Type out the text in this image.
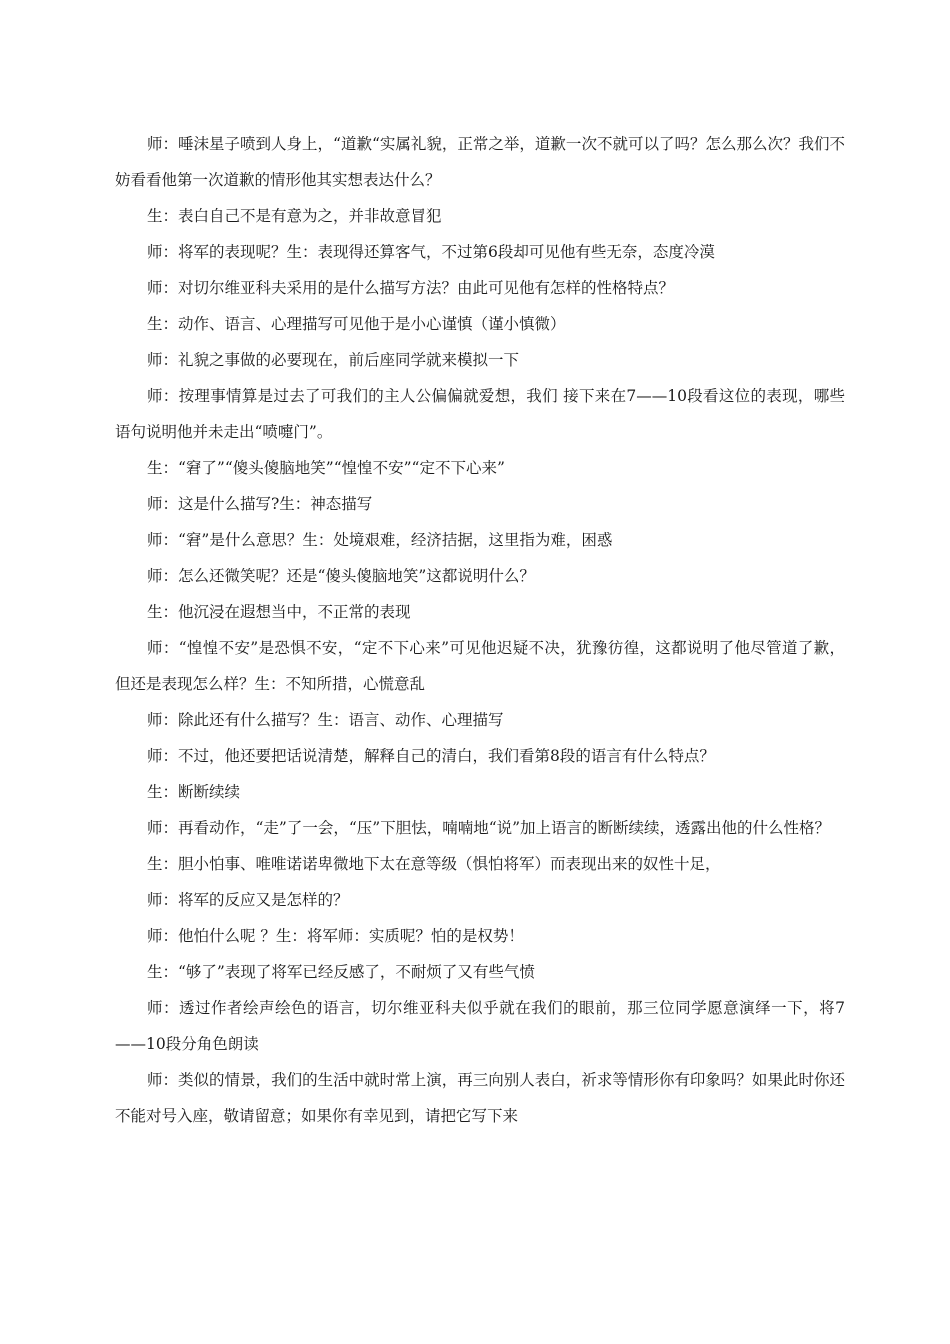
师：唾沫星子喷到人身上，“道歉“实属礼貌，正常之举，道歉一次不就可以了吗？怎么那么次？我们不妨看看他第一次道歉的情形他其实想表达什么？

生：表白自己不是有意为之，并非故意冒犯

师：将军的表现呢？生：表现得还算客气，不过第6段却可见他有些无奈，态度冷漠

师：对切尔维亚科夫采用的是什么描写方法？由此可见他有怎样的性格特点？

生：动作、语言、心理描写可见他于是小心谨慎（谨小慎微）

师：礼貌之事做的必要现在，前后座同学就来模拟一下

师：按理事情算是过去了可我们的主人公偏偏就爱想，我们 接下来在7——10段看这位的表现，哪些语句说明他并未走出“喷嚏门”。

生：“窘了”“傻头傻脑地笑”“惶惶不安”“定不下心来”

师：这是什么描写?生：神态描写

师：“窘”是什么意思？生：处境艰难，经济拮据，这里指为难，困惑

师：怎么还微笑呢？还是“傻头傻脑地笑”这都说明什么？

生：他沉浸在遐想当中，不正常的表现

师：“惶惶不安”是恐惧不安，“定不下心来”可见他迟疑不决，犹豫彷徨，这都说明了他尽管道了歉，但还是表现怎么样？生：不知所措，心慌意乱

师：除此还有什么描写？生：语言、动作、心理描写

师：不过，他还要把话说清楚，解释自己的清白，我们看第8段的语言有什么特点？

生：断断续续

师：再看动作，“走”了一会，“压”下胆怯，喃喃地“说”加上语言的断断续续，透露出他的什么性格？

生：胆小怕事、唯唯诺诺卑微地下太在意等级（惧怕将军）而表现出来的奴性十足，

师：将军的反应又是怎样的？

师：他怕什么呢 ？生：将军师：实质呢？怕的是权势！

生：“够了”表现了将军已经反感了，不耐烦了又有些气愤

师：透过作者绘声绘色的语言，切尔维亚科夫似乎就在我们的眼前，那三位同学愿意演绎一下，将7——10段分角色朗读

师：类似的情景，我们的生活中就时常上演，再三向别人表白，祈求等情形你有印象吗？如果此时你还不能对号入座，敬请留意；如果你有幸见到，请把它写下来
